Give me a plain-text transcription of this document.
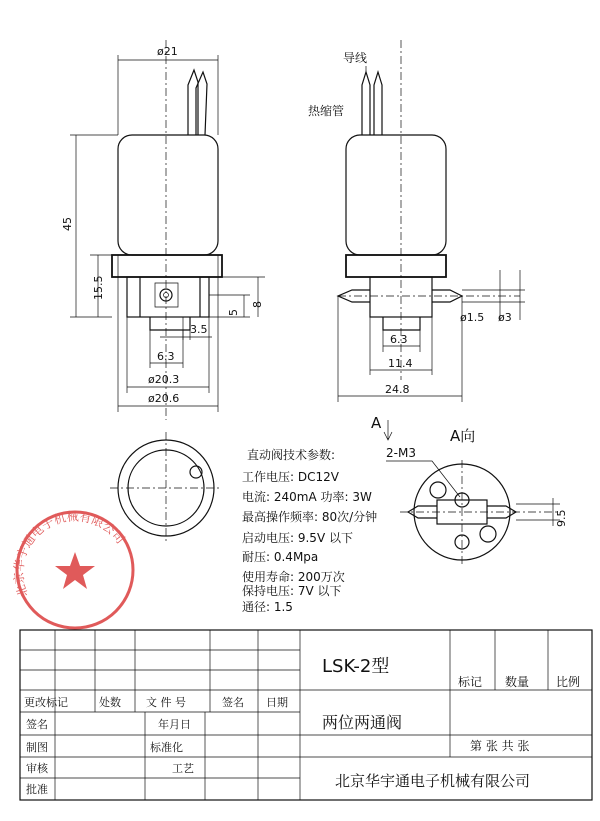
ø21
45
15.5
5
8
3.5
6.3
ø20.3
ø20.6
导线
热缩管
ø1.5 ø3
6.3
11.4
24.8
A
A向
2-M3
9.5
直动阀技术参数:
工作电压: DC12V
电流: 240mA 功率: 3W
最高操作频率: 80次/分钟
启动电压: 9.5V 以下
耐压: 0.4Mpa
使用寿命: 200万次
保持电压: 7V 以下
通径: 1.5
北京华宇通电子机械有限公司
LSK-2型
标记 数量 比例
两位两通阀
第 张 共 张
北京华宇通电子机械有限公司
更改标记	处数 文 件 号	签名 日期
签名
制图
审核
批准
年月日
标准化
工艺
